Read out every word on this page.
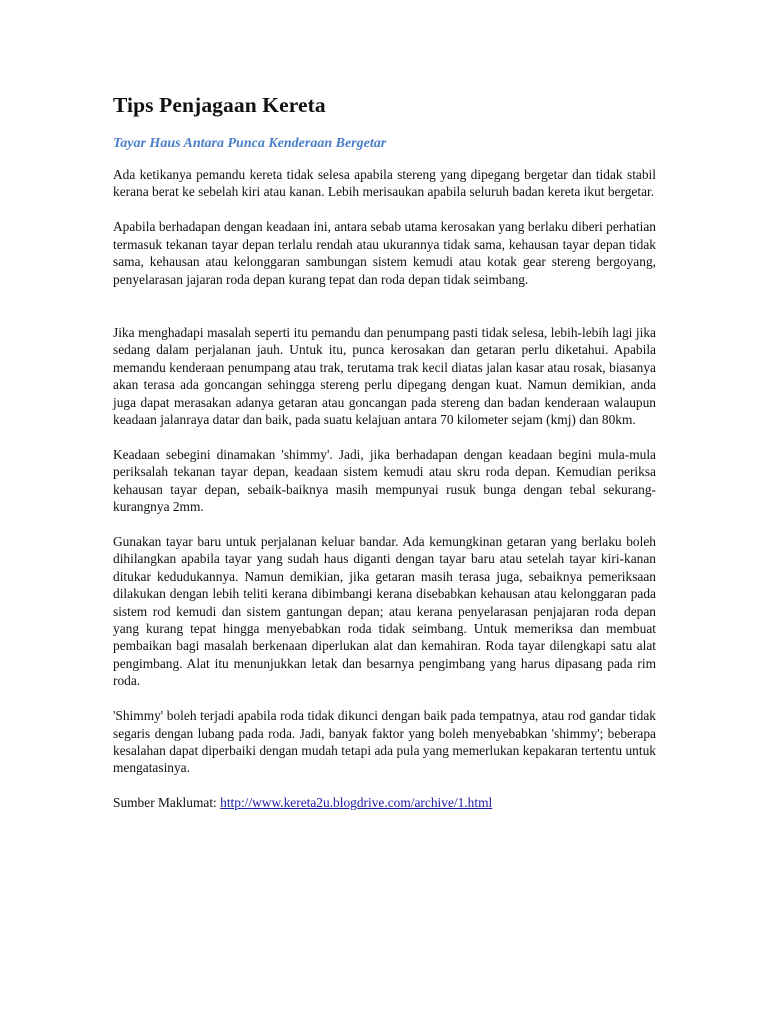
Tips Penjagaan Kereta
Tayar Haus Antara Punca Kenderaan Bergetar

Ada ketikanya pemandu kereta tidak selesa apabila stereng yang dipegang bergetar dan tidak stabil kerana berat ke sebelah kiri atau kanan. Lebih merisaukan apabila seluruh badan kereta ikut bergetar.

Apabila berhadapan dengan keadaan ini, antara sebab utama kerosakan yang berlaku diberi perhatian termasuk tekanan tayar depan terlalu rendah atau ukurannya tidak sama, kehausan tayar depan tidak sama, kehausan atau kelonggaran sambungan sistem kemudi atau kotak gear stereng bergoyang, penyelarasan jajaran roda depan kurang tepat dan roda depan tidak seimbang.

Jika menghadapi masalah seperti itu pemandu dan penumpang pasti tidak selesa, lebih-lebih lagi jika sedang dalam perjalanan jauh. Untuk itu, punca kerosakan dan getaran perlu diketahui. Apabila memandu kenderaan penumpang atau trak, terutama trak kecil diatas jalan kasar atau rosak, biasanya akan terasa ada goncangan sehingga stereng perlu dipegang dengan kuat. Namun demikian, anda juga dapat merasakan adanya getaran atau goncangan pada stereng dan badan kenderaan walaupun keadaan jalanraya datar dan baik, pada suatu kelajuan antara 70 kilometer sejam (kmj) dan 80km.

Keadaan sebegini dinamakan 'shimmy'. Jadi, jika berhadapan dengan keadaan begini mula-mula periksalah tekanan tayar depan, keadaan sistem kemudi atau skru roda depan. Kemudian periksa kehausan tayar depan, sebaik-baiknya masih mempunyai rusuk bunga dengan tebal sekurang-kurangnya 2mm.

Gunakan tayar baru untuk perjalanan keluar bandar. Ada kemungkinan getaran yang berlaku boleh dihilangkan apabila tayar yang sudah haus diganti dengan tayar baru atau setelah tayar kiri-kanan ditukar kedudukannya. Namun demikian, jika getaran masih terasa juga, sebaiknya pemeriksaan dilakukan dengan lebih teliti kerana dibimbangi kerana disebabkan kehausan atau kelonggaran pada sistem rod kemudi dan sistem gantungan depan; atau kerana penyelarasan penjajaran roda depan yang kurang tepat hingga menyebabkan roda tidak seimbang. Untuk memeriksa dan membuat pembaikan bagi masalah berkenaan diperlukan alat dan kemahiran. Roda tayar dilengkapi satu alat pengimbang. Alat itu menunjukkan letak dan besarnya pengimbang yang harus dipasang pada rim roda.

'Shimmy' boleh terjadi apabila roda tidak dikunci dengan baik pada tempatnya, atau rod gandar tidak segaris dengan lubang pada roda. Jadi, banyak faktor yang boleh menyebabkan 'shimmy'; beberapa kesalahan dapat diperbaiki dengan mudah tetapi ada pula yang memerlukan kepakaran tertentu untuk mengatasinya.

Sumber Maklumat: http://www.kereta2u.blogdrive.com/archive/1.html
